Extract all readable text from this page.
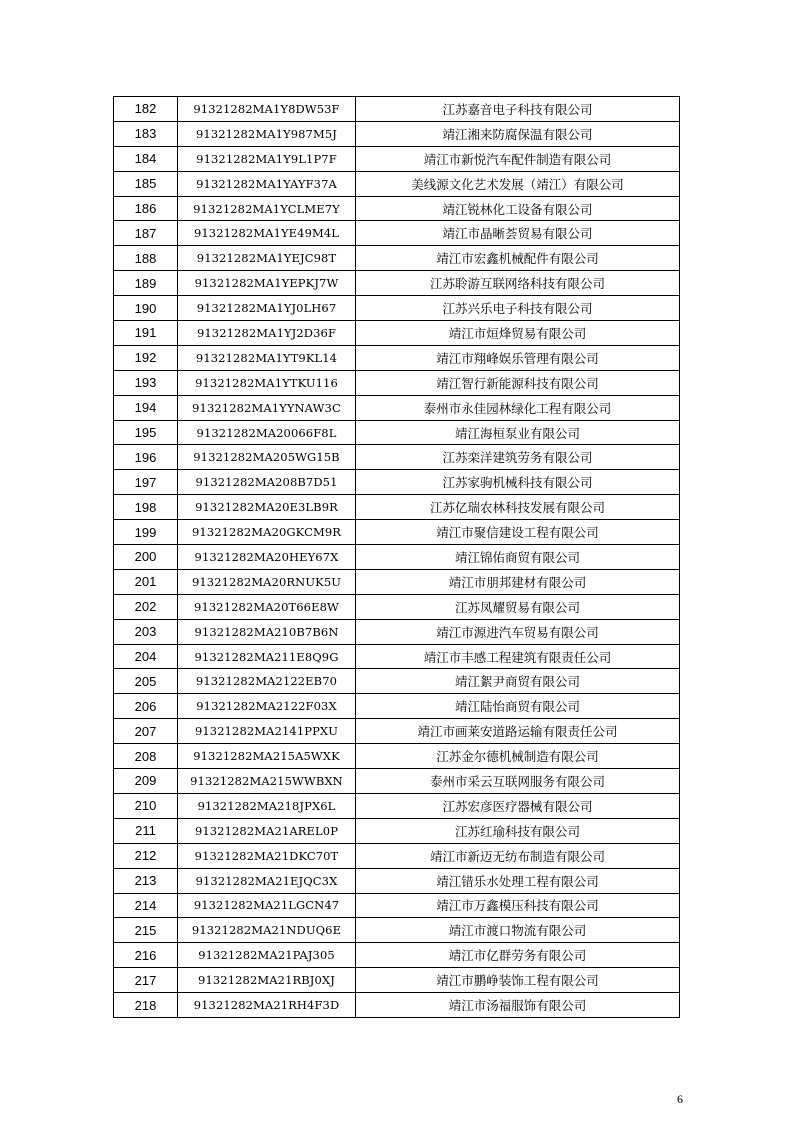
182	91321282MA1Y8DW53F	江苏嘉音电子科技有限公司
183	91321282MA1Y987M5J	靖江湘来防腐保温有限公司
184	91321282MA1Y9L1P7F	靖江市新悦汽车配件制造有限公司
185	91321282MA1YAYF37A	美线源文化艺术发展（靖江）有限公司
186	91321282MA1YCLME7Y	靖江锐林化工设备有限公司
187	91321282MA1YE49M4L	靖江市晶晰荟贸易有限公司
188	91321282MA1YEJC98T	靖江市宏鑫机械配件有限公司
189	91321282MA1YEPKJ7W	江苏聆游互联网络科技有限公司
190	91321282MA1YJ0LH67	江苏兴乐电子科技有限公司
191	91321282MA1YJ2D36F	靖江市烜烽贸易有限公司
192	91321282MA1YT9KL14	靖江市翔峰娱乐管理有限公司
193	91321282MA1YTKU116	靖江智行新能源科技有限公司
194	91321282MA1YYNAW3C	泰州市永佳园林绿化工程有限公司
195	91321282MA20066F8L	靖江海桓泵业有限公司
196	91321282MA205WG15B	江苏栾洋建筑劳务有限公司
197	91321282MA208B7D51	江苏家驹机械科技有限公司
198	91321282MA20E3LB9R	江苏亿瑞农林科技发展有限公司
199	91321282MA20GKCM9R	靖江市聚信建设工程有限公司
200	91321282MA20HEY67X	靖江锦佑商贸有限公司
201	91321282MA20RNUK5U	靖江市朋邦建材有限公司
202	91321282MA20T66E8W	江苏凤耀贸易有限公司
203	91321282MA210B7B6N	靖江市源进汽车贸易有限公司
204	91321282MA211E8Q9G	靖江市丰感工程建筑有限责任公司
205	91321282MA2122EB70	靖江絮尹商贸有限公司
206	91321282MA2122F03X	靖江陆怡商贸有限公司
207	91321282MA2141PPXU	靖江市画莱安道路运输有限责任公司
208	91321282MA215A5WXK	江苏金尔德机械制造有限公司
209	91321282MA215WWBXN	泰州市采云互联网服务有限公司
210	91321282MA218JPX6L	江苏宏彦医疗器械有限公司
211	91321282MA21AREL0P	江苏红瑜科技有限公司
212	91321282MA21DKC70T	靖江市新迈无纺布制造有限公司
213	91321282MA21EJQC3X	靖江错乐水处理工程有限公司
214	91321282MA21LGCN47	靖江市万鑫模压科技有限公司
215	91321282MA21NDUQ6E	靖江市渡口物流有限公司
216	91321282MA21PAJ305	靖江市亿群劳务有限公司
217	91321282MA21RBJ0XJ	靖江市鹏峥装饰工程有限公司
218	91321282MA21RH4F3D	靖江市汤福服饰有限公司
6
